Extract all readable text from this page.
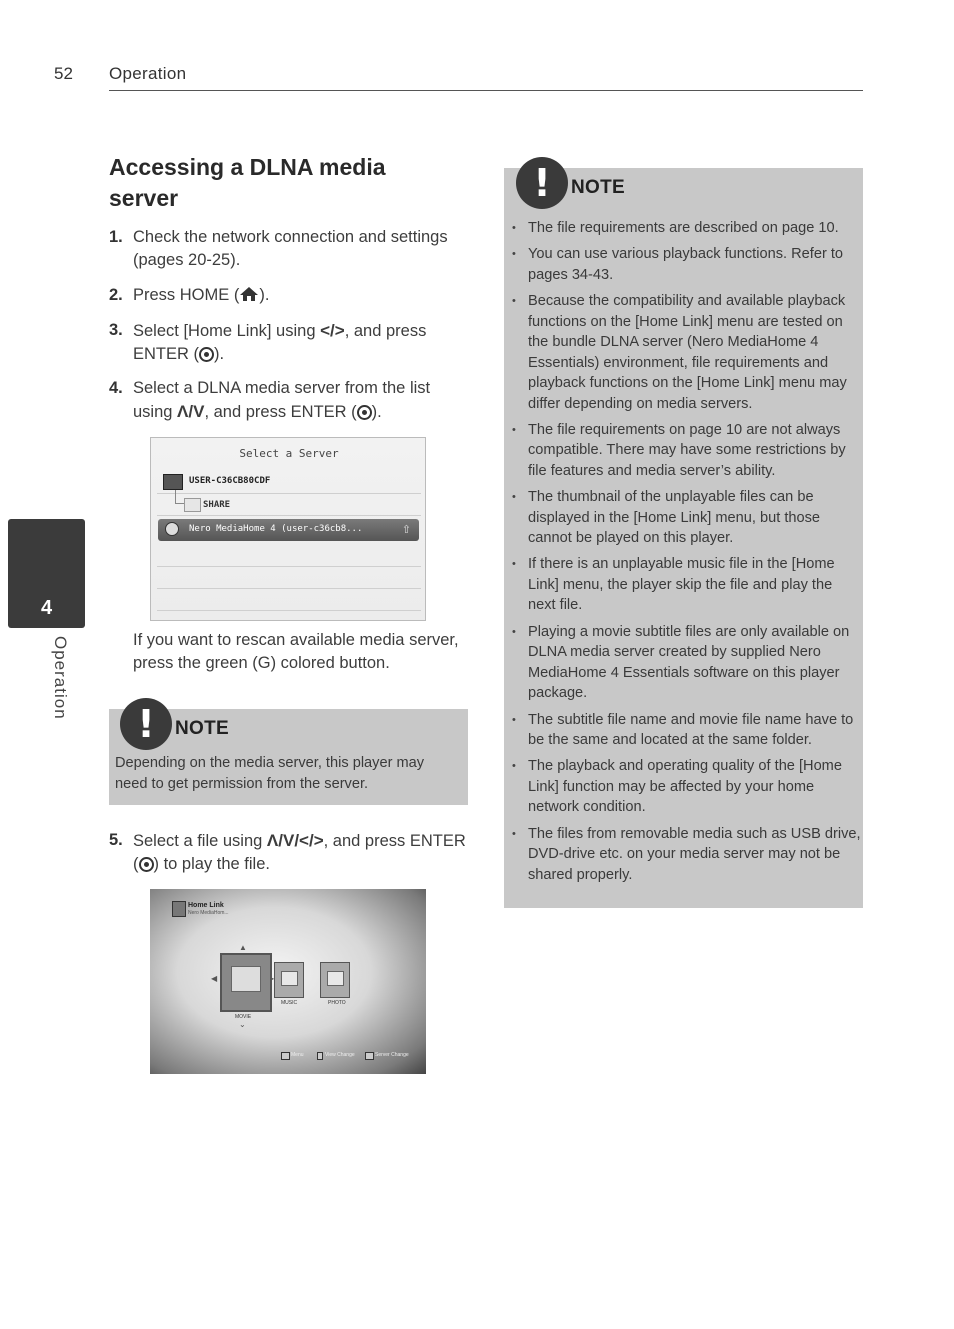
52 Operation
4
Operation
Accessing a DLNA media server
1. Check the network connection and settings (pages 20-25).
2. Press HOME ( ).
3. Select [Home Link] using </>, and press ENTER ( ).
4. Select a DLNA media server from the list using Λ/V, and press ENTER ( ).
Select a Server
USER-C36CB80CDF
SHARE
Nero MediaHome 4 (user-c36cb8...	⇧
If you want to rescan available media server, press the green (G) colored button.
!	NOTE
Depending on the media server, this player may need to get permission from the server.
5. Select a file using Λ/V/</>, and press ENTER ( ) to play the file.
Home Link
Nero MediaHom...
▲
◀
MOVIE
⌄
MUSIC	PHOTO
Menu	View Change	Server Change
!	NOTE
• The file requirements are described on page 10.
• You can use various playback functions. Refer to pages 34-43.
• Because the compatibility and available playback functions on the [Home Link] menu are tested on the bundle DLNA server (Nero MediaHome 4 Essentials) environment, file requirements and playback functions on the [Home Link] menu may differ depending on media servers.
• The file requirements on page 10 are not always compatible. There may have some restrictions by file features and media server’s ability.
• The thumbnail of the unplayable files can be displayed in the [Home Link] menu, but those cannot be played on this player.
• If there is an unplayable music file in the [Home Link] menu, the player skip the file and play the next file.
• Playing a movie subtitle files are only available on DLNA media server created by supplied Nero MediaHome 4 Essentials software on this player package.
• The subtitle file name and movie file name have to be the same and located at the same folder.
• The playback and operating quality of the [Home Link] function may be affected by your home network condition.
• The files from removable media such as USB drive, DVD-drive etc. on your media server may not be shared properly.
